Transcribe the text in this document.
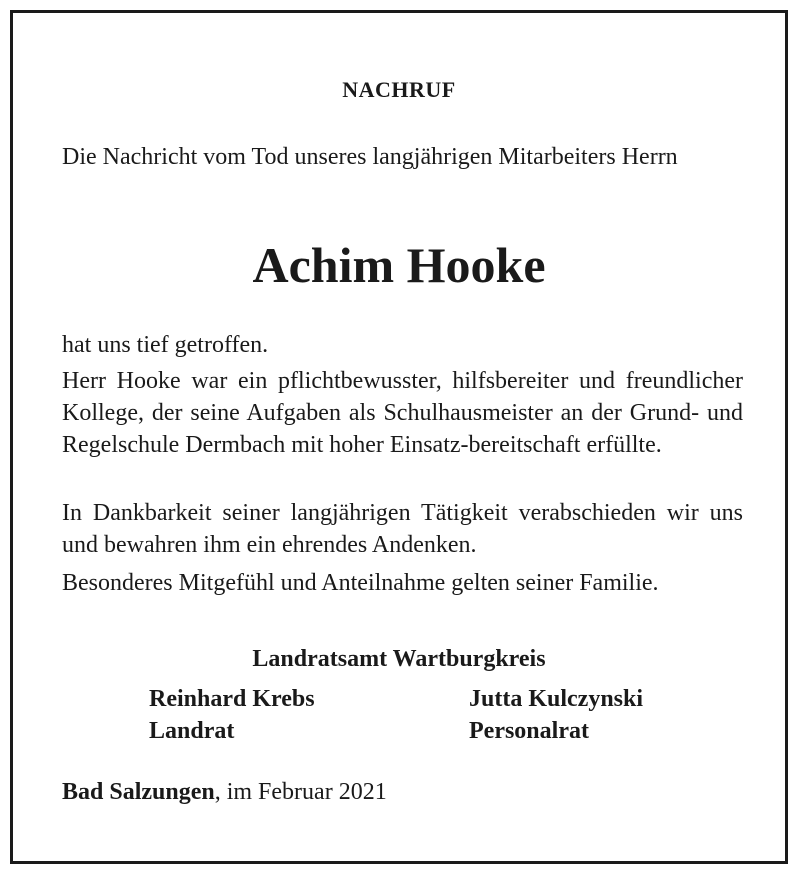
NACHRUF
Die Nachricht vom Tod unseres langjährigen Mitarbeiters Herrn
Achim Hooke
hat uns tief getroffen.
Herr Hooke war ein pflichtbewusster, hilfsbereiter und freundlicher Kollege, der seine Aufgaben als Schulhausmeister an der Grund- und Regelschule Dermbach mit hoher Einsatz-bereitschaft erfüllte.
In Dankbarkeit seiner langjährigen Tätigkeit verabschieden wir uns und bewahren ihm ein ehrendes Andenken.
Besonderes Mitgefühl und Anteilnahme gelten seiner Familie.
Landratsamt Wartburgkreis
Reinhard Krebs
Landrat
Jutta Kulczynski
Personalrat
Bad Salzungen, im Februar 2021
